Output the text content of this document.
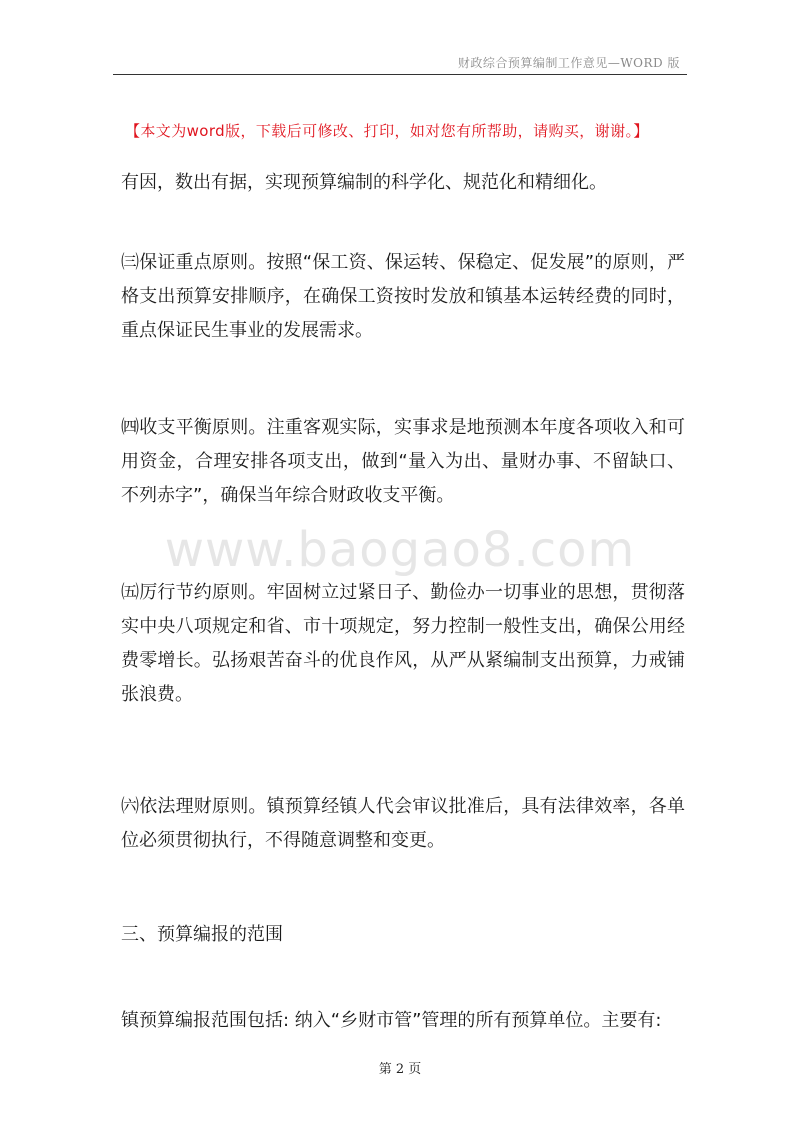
财政综合预算编制工作意见—WORD 版
【本文为word版，下载后可修改、打印，如对您有所帮助，请购买，谢谢。】
www.baogao8.com

有因，数出有据，实现预算编制的科学化、规范化和精细化。

㈢保证重点原则。按照“保工资、保运转、保稳定、促发展”的原则，严格支出预算安排顺序，在确保工资按时发放和镇基本运转经费的同时，重点保证民生事业的发展需求。

㈣收支平衡原则。注重客观实际，实事求是地预测本年度各项收入和可用资金，合理安排各项支出，做到“量入为出、量财办事、不留缺口、不列赤字”，确保当年综合财政收支平衡。

㈤厉行节约原则。牢固树立过紧日子、勤俭办一切事业的思想，贯彻落实中央八项规定和省、市十项规定，努力控制一般性支出，确保公用经费零增长。弘扬艰苦奋斗的优良作风，从严从紧编制支出预算，力戒铺张浪费。

㈥依法理财原则。镇预算经镇人代会审议批准后，具有法律效率，各单位必须贯彻执行，不得随意调整和变更。

三、预算编报的范围

镇预算编报范围包括: 纳入“乡财市管”管理的所有预算单位。主要有:

第 2 页
